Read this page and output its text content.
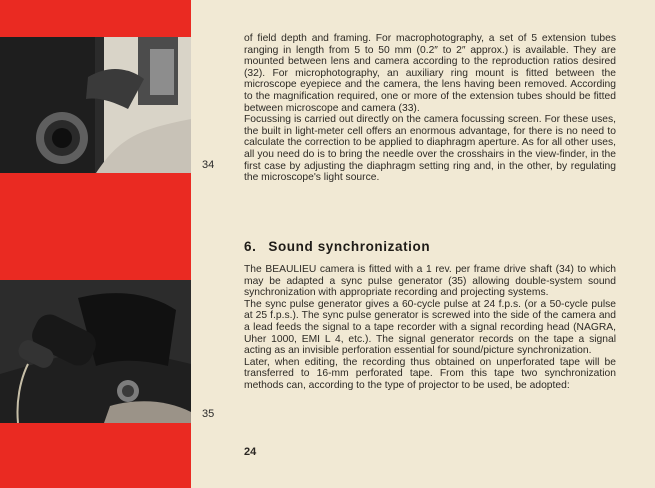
34
35

of field depth and framing. For macrophotography, a set of 5 extension tubes ranging in length from 5 to 50 mm (0.2″ to 2″ approx.) is available. They are mounted between lens and camera according to the reproduction ratios desired (32). For microphotography, an auxiliary ring mount is fitted between the microscope eyepiece and the camera, the lens having been removed. According to the magnification required, one or more of the extension tubes should be fitted between microscope and camera (33).

Focussing is carried out directly on the camera focussing screen. For these uses, the built in light-meter cell offers an enormous advantage, for there is no need to calculate the correction to be applied to diaphragm aperture. As for all other uses, all you need do is to bring the needle over the crosshairs in the view-finder, in the first case by adjusting the diaphragm setting ring and, in the other, by regulating the microscope's light source.

6. Sound synchronization

The BEAULIEU camera is fitted with a 1 rev. per frame drive shaft (34) to which may be adapted a sync pulse generator (35) allowing double-system sound synchronization with appropriate recording and projecting systems.

The sync pulse generator gives a 60-cycle pulse at 24 f.p.s. (or a 50-cycle pulse at 25 f.p.s.). The sync pulse generator is screwed into the side of the camera and a lead feeds the signal to a tape recorder with a signal recording head (NAGRA, Uher 1000, EMI L 4, etc.). The signal generator records on the tape a signal acting as an invisible perforation essential for sound/picture synchronization.

Later, when editing, the recording thus obtained on unperforated tape will be transferred to 16-mm perforated tape. From this tape two synchronization methods can, according to the type of projector to be used, be adopted:

24
